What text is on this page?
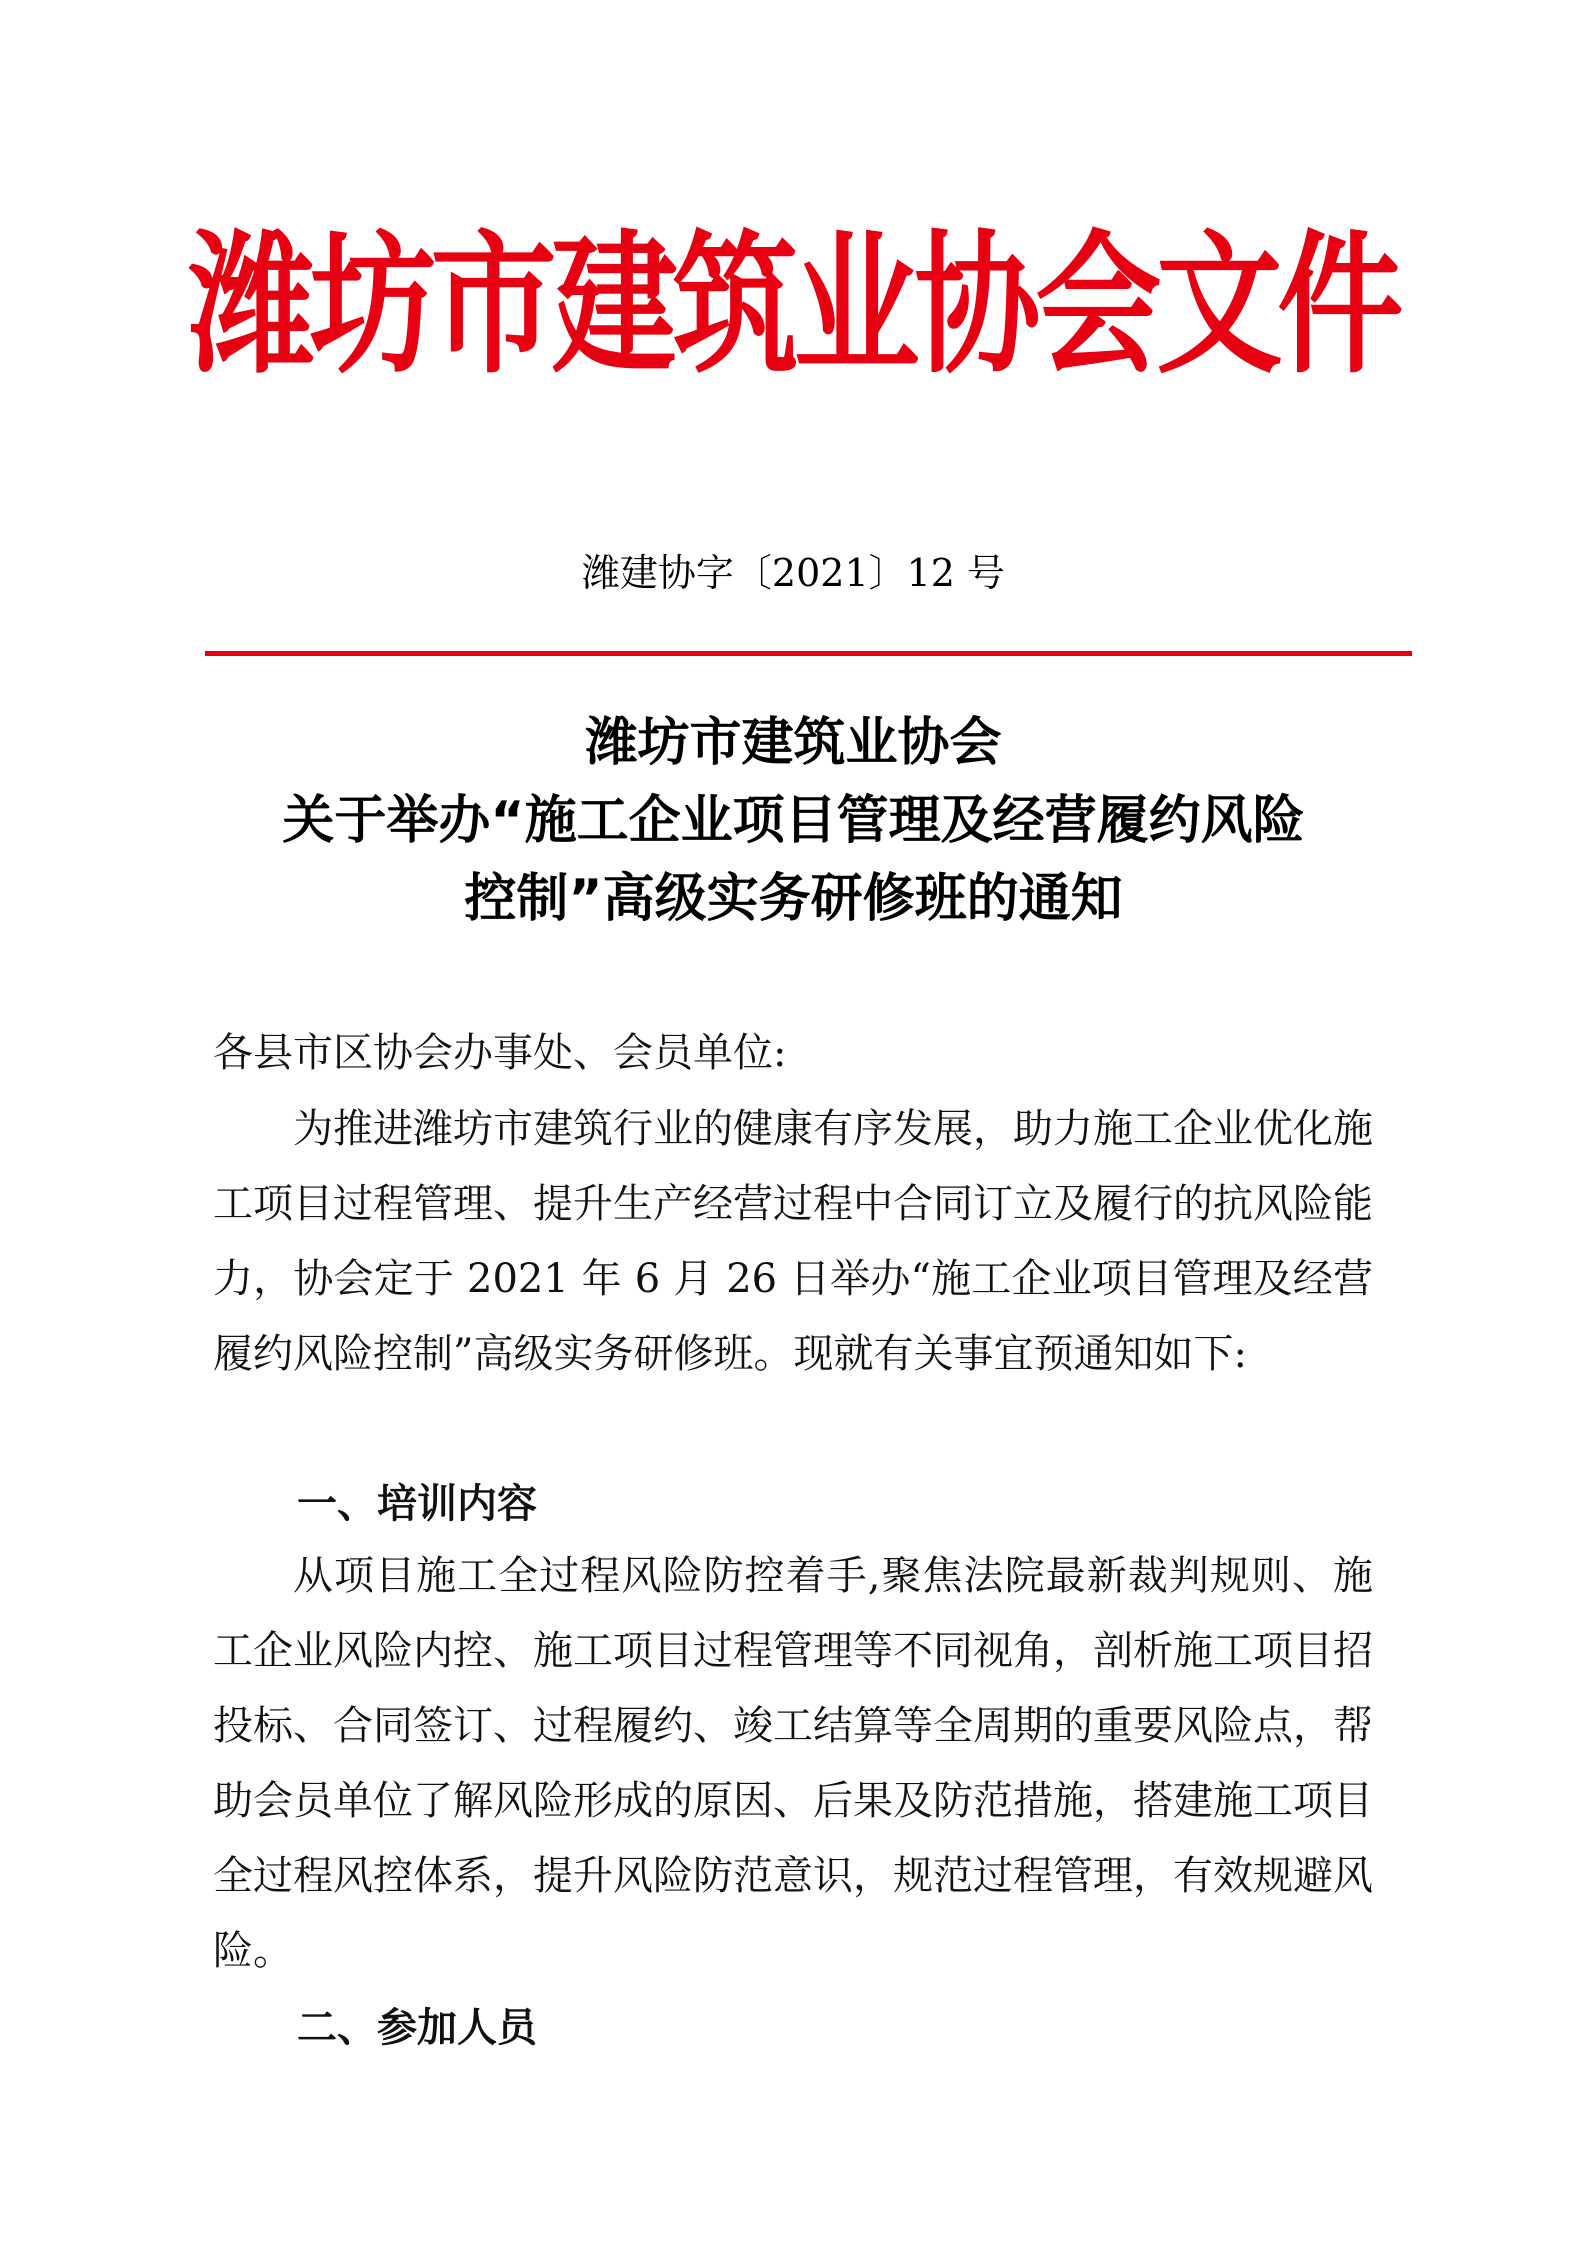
潍坊市建筑业协会文件
潍建协字〔2021〕12 号
潍坊市建筑业协会
关于举办“施工企业项目管理及经营履约风险
控制”高级实务研修班的通知
各县市区协会办事处、会员单位:
为推进潍坊市建筑行业的健康有序发展，助力施工企业优化施工项目过程管理、提升生产经营过程中合同订立及履行的抗风险能力，协会定于 2021 年 6 月 26 日举办“施工企业项目管理及经营履约风险控制”高级实务研修班。现就有关事宜预通知如下:
一、培训内容
从项目施工全过程风险防控着手,聚焦法院最新裁判规则、施工企业风险内控、施工项目过程管理等不同视角，剖析施工项目招投标、合同签订、过程履约、竣工结算等全周期的重要风险点，帮助会员单位了解风险形成的原因、后果及防范措施，搭建施工项目全过程风控体系，提升风险防范意识，规范过程管理，有效规避风险。
二、参加人员
